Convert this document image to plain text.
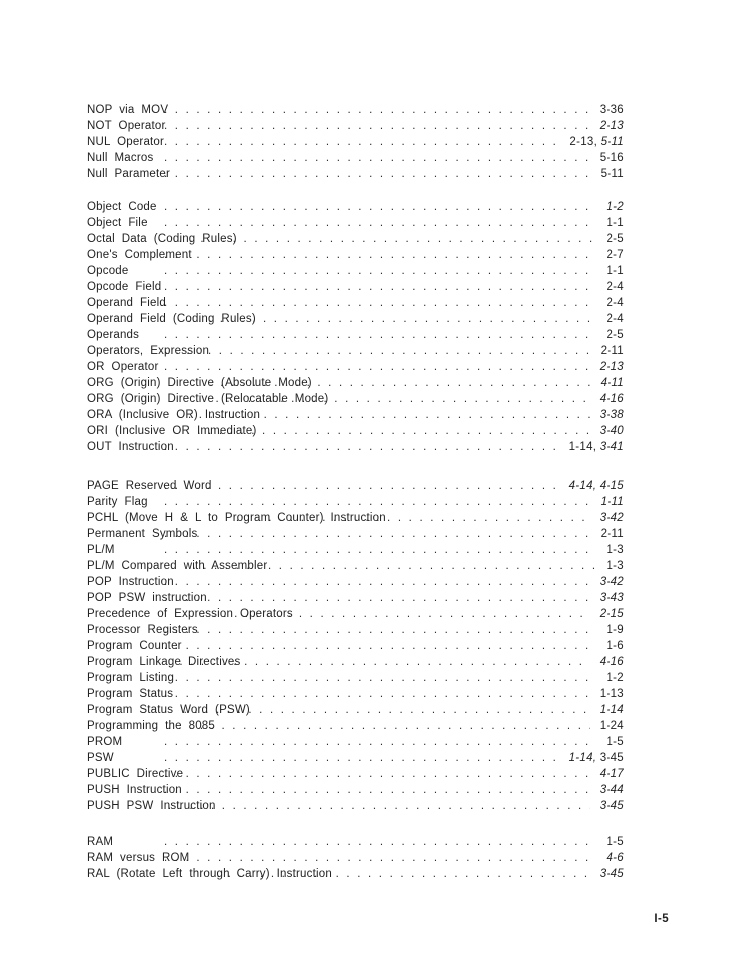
NOP via MOV .....	3-36
NOT Operator .....	2-13
NUL Operator .....	2-13, 5-11
Null Macros .....	5-16
Null Parameter .....	5-11
Object Code .....	1-2
Object File .....	1-1
Octal Data (Coding Rules) .....	2-5
One's Complement .....	2-7
Opcode .....	1-1
Opcode Field .....	2-4
Operand Field .....	2-4
Operand Field (Coding Rules) .....	2-4
Operands .....	2-5
Operators, Expression .....	2-11
OR Operator .....	2-13
ORG (Origin) Directive (Absolute Mode) .....	4-11
ORG (Origin) Directive (Relocatable Mode) .....	4-16
ORA (Inclusive OR) Instruction .....	3-38
ORI (Inclusive OR Immediate) .....	3-40
OUT Instruction .....	1-14, 3-41
PAGE Reserved Word .....	4-14, 4-15
Parity Flag .....	1-11
PCHL (Move H & L to Program Counter) Instruction .....	3-42
Permanent Symbols .....	2-11
PL/M .....	1-3
PL/M Compared with Assembler .....	1-3
POP Instruction .....	3-42
POP PSW instruction .....	3-43
Precedence of Expression Operators .....	2-15
Processor Registers .....	1-9
Program Counter .....	1-6
Program Linkage Directives .....	4-16
Program Listing .....	1-2
Program Status .....	1-13
Program Status Word (PSW) .....	1-14
Programming the 8085 .....	1-24
PROM .....	1-5
PSW .....	1-14, 3-45
PUBLIC Directive .....	4-17
PUSH Instruction .....	3-44
PUSH PSW Instruction .....	3-45
RAM .....	1-5
RAM versus ROM .....	4-6
RAL (Rotate Left through Carry) Instruction .....	3-45
I-5
